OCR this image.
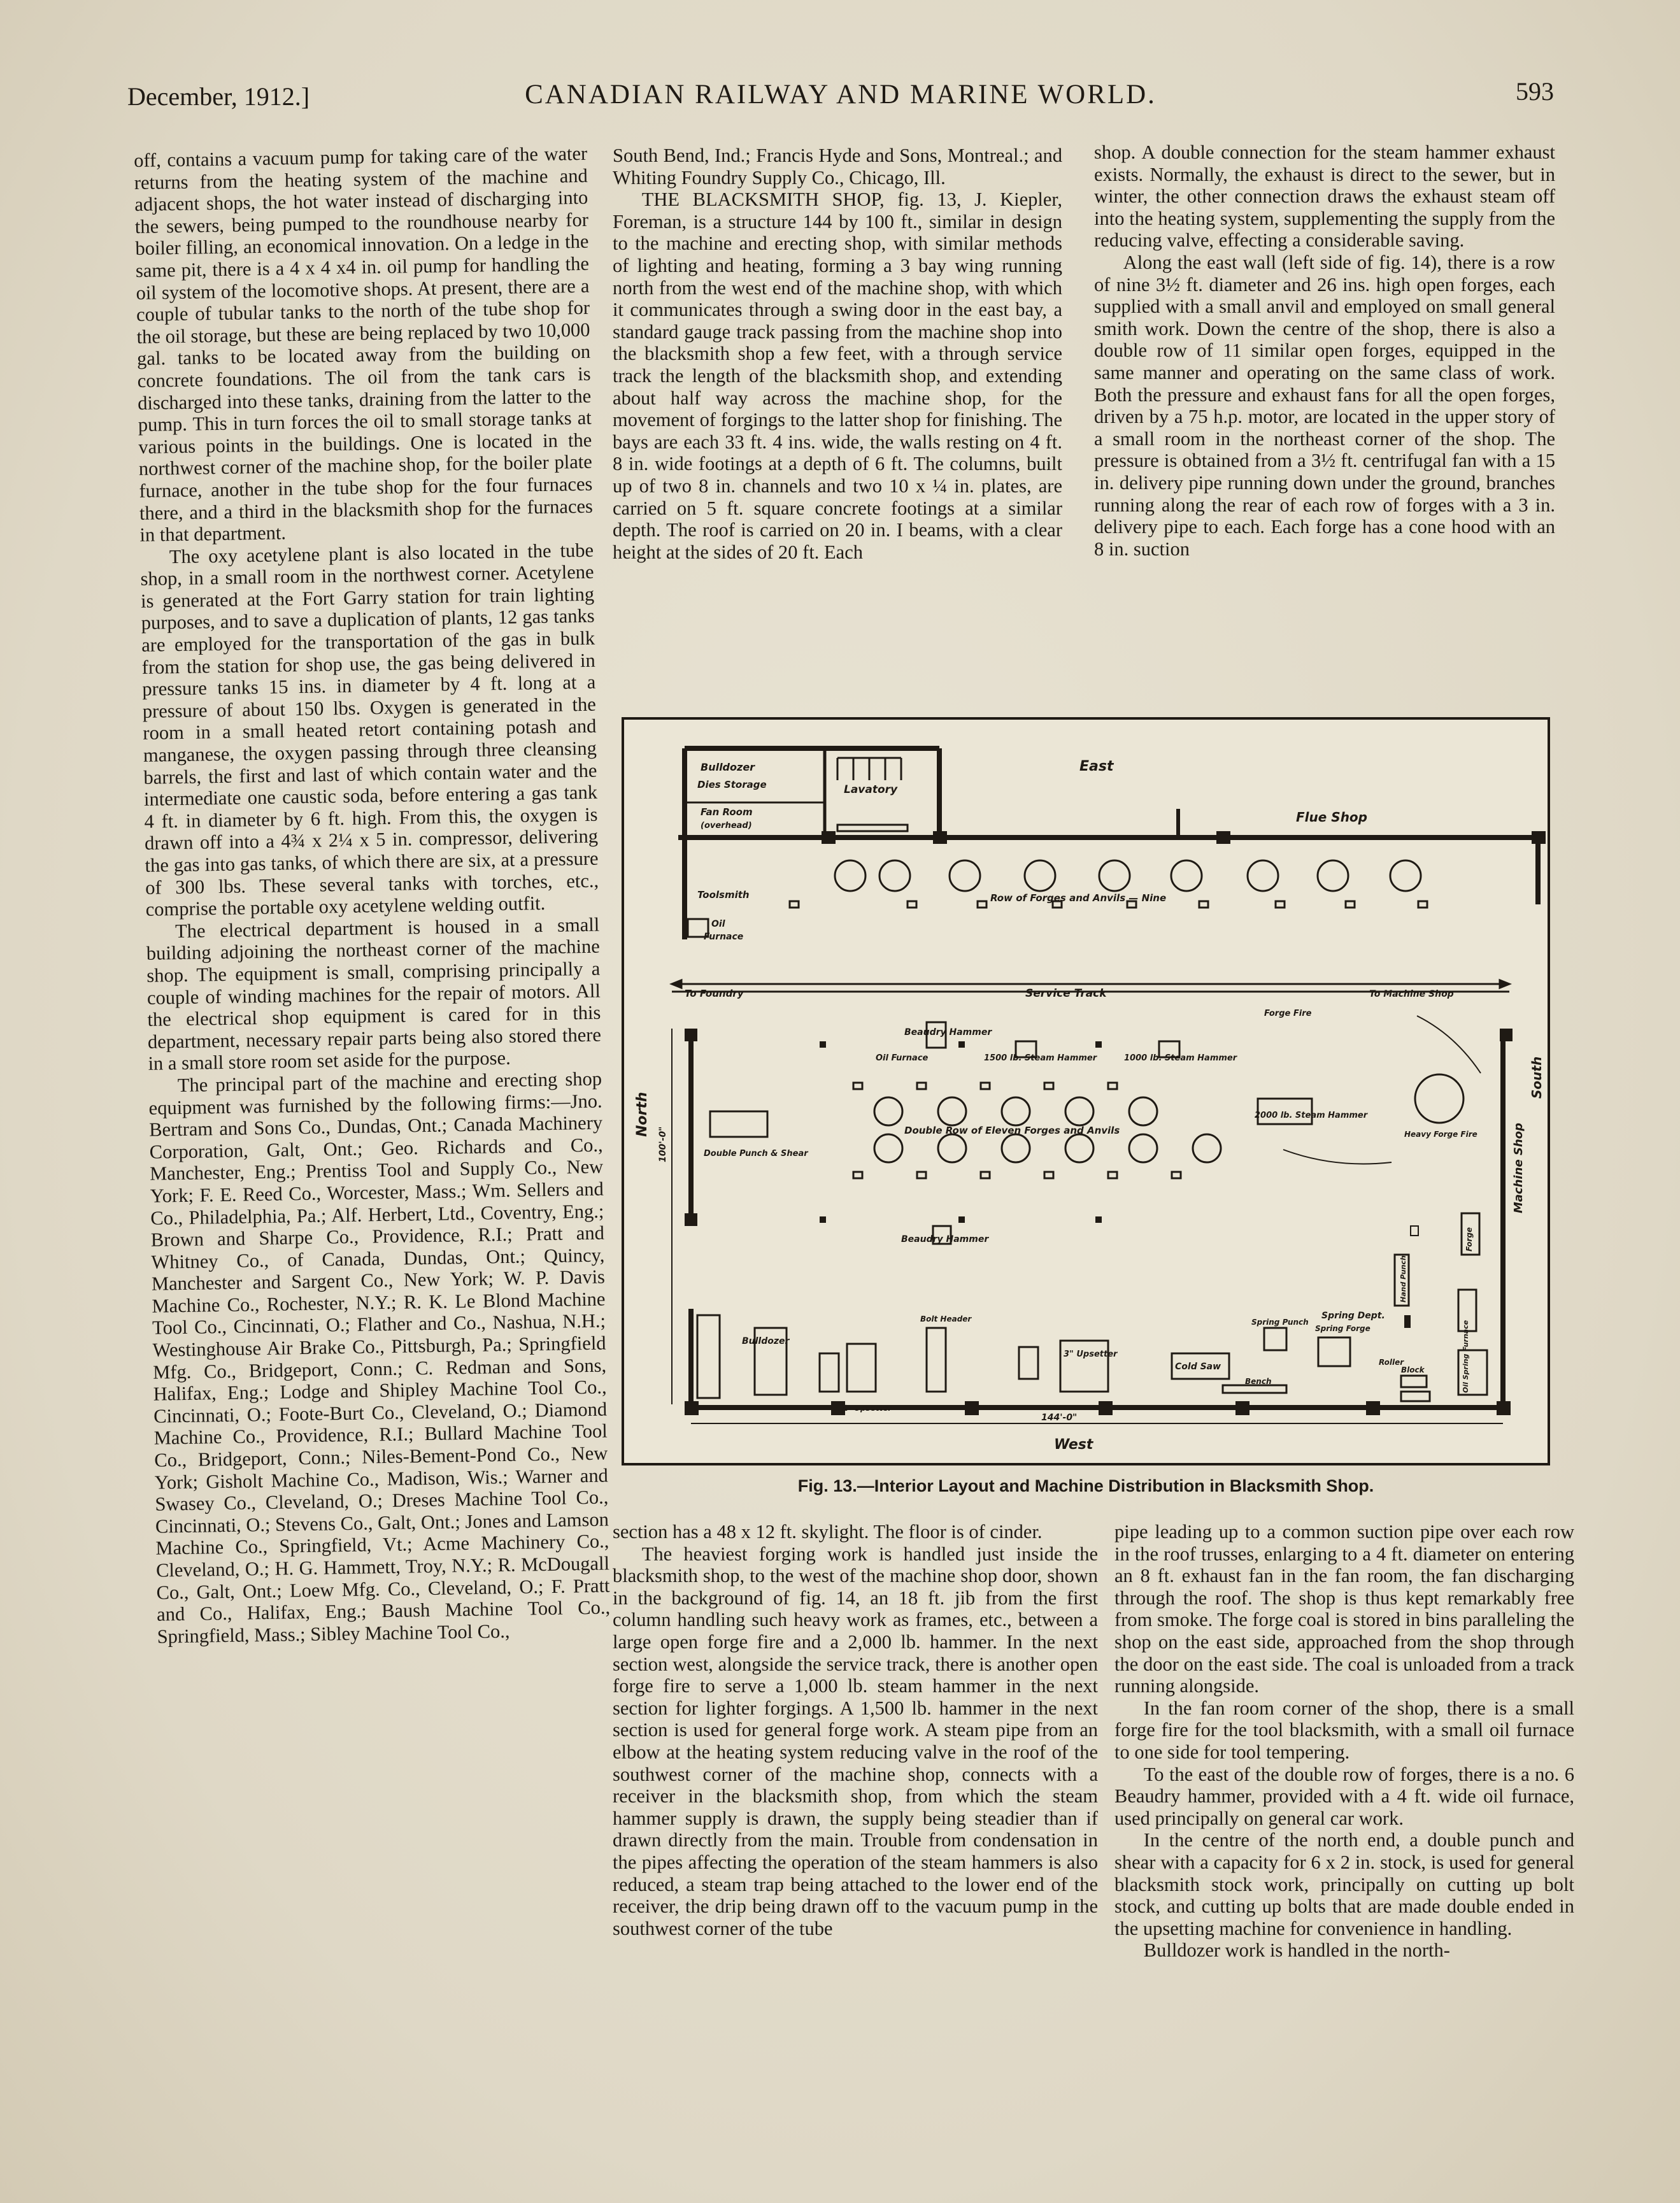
December, 1912.]	CANADIAN RAILWAY AND MARINE WORLD.	593

off, contains a vacuum pump for taking care of the water returns from the heating system of the machine and adjacent shops, the hot water instead of discharging into the sewers, being pumped to the roundhouse nearby for boiler filling, an economical innovation. On a ledge in the same pit, there is a 4 x 4 x4 in. oil pump for handling the oil system of the locomotive shops. At present, there are a couple of tubular tanks to the north of the tube shop for the oil storage, but these are being replaced by two 10,000 gal. tanks to be located away from the building on concrete foundations. The oil from the tank cars is discharged into these tanks, draining from the latter to the pump. This in turn forces the oil to small storage tanks at various points in the buildings. One is located in the northwest corner of the machine shop, for the boiler plate furnace, another in the tube shop for the four furnaces there, and a third in the blacksmith shop for the furnaces in that department.

The oxy acetylene plant is also located in the tube shop, in a small room in the northwest corner. Acetylene is generated at the Fort Garry station for train lighting purposes, and to save a duplication of plants, 12 gas tanks are employed for the transportation of the gas in bulk from the station for shop use, the gas being delivered in pressure tanks 15 ins. in diameter by 4 ft. long at a pressure of about 150 lbs. Oxygen is generated in the room in a small heated retort containing potash and manganese, the oxygen passing through three cleansing barrels, the first and last of which contain water and the intermediate one caustic soda, before entering a gas tank 4 ft. in diameter by 6 ft. high. From this, the oxygen is drawn off into a 4¾ x 2¼ x 5 in. compressor, delivering the gas into gas tanks, of which there are six, at a pressure of 300 lbs. These several tanks with torches, etc., comprise the portable oxy acetylene welding outfit.

The electrical department is housed in a small building adjoining the northeast corner of the machine shop. The equipment is small, comprising principally a couple of winding machines for the repair of motors. All the electrical shop equipment is cared for in this department, necessary repair parts being also stored there in a small store room set aside for the purpose.

The principal part of the machine and erecting shop equipment was furnished by the following firms:—Jno. Bertram and Sons Co., Dundas, Ont.; Canada Machinery Corporation, Galt, Ont.; Geo. Richards and Co., Manchester, Eng.; Prentiss Tool and Supply Co., New York; F. E. Reed Co., Worcester, Mass.; Wm. Sellers and Co., Philadelphia, Pa.; Alf. Herbert, Ltd., Coventry, Eng.; Brown and Sharpe Co., Providence, R.I.; Pratt and Whitney Co., of Canada, Dundas, Ont.; Quincy, Manchester and Sargent Co., New York; W. P. Davis Machine Co., Rochester, N.Y.; R. K. Le Blond Machine Tool Co., Cincinnati, O.; Flather and Co., Nashua, N.H.; Westinghouse Air Brake Co., Pittsburgh, Pa.; Springfield Mfg. Co., Bridgeport, Conn.; C. Redman and Sons, Halifax, Eng.; Lodge and Shipley Machine Tool Co., Cincinnati, O.; Foote-Burt Co., Cleveland, O.; Diamond Machine Co., Providence, R.I.; Bullard Machine Tool Co., Bridgeport, Conn.; Niles-Bement-Pond Co., New York; Gisholt Machine Co., Madison, Wis.; Warner and Swasey Co., Cleveland, O.; Dreses Machine Tool Co., Cincinnati, O.; Stevens Co., Galt, Ont.; Jones and Lamson Machine Co., Springfield, Vt.; Acme Machinery Co., Cleveland, O.; H. G. Hammett, Troy, N.Y.; R. McDougall Co., Galt, Ont.; Loew Mfg. Co., Cleveland, O.; F. Pratt and Co., Halifax, Eng.; Baush Machine Tool Co., Springfield, Mass.; Sibley Machine Tool Co.,

South Bend, Ind.; Francis Hyde and Sons, Montreal.; and Whiting Foundry Supply Co., Chicago, Ill.

THE BLACKSMITH SHOP, fig. 13, J. Kiepler, Foreman, is a structure 144 by 100 ft., similar in design to the machine and erecting shop, with similar methods of lighting and heating, forming a 3 bay wing running north from the west end of the machine shop, with which it communicates through a swing door in the east bay, a standard gauge track passing from the machine shop into the blacksmith shop a few feet, with a through service track the length of the blacksmith shop, and extending about half way across the machine shop, for the movement of forgings to the latter shop for finishing. The bays are each 33 ft. 4 ins. wide, the walls resting on 4 ft. 8 in. wide footings at a depth of 6 ft. The columns, built up of two 8 in. channels and two 10 x ¼ in. plates, are carried on 5 ft. square concrete footings at a similar depth. The roof is carried on 20 in. I beams, with a clear height at the sides of 20 ft. Each

shop. A double connection for the steam hammer exhaust exists. Normally, the exhaust is direct to the sewer, but in winter, the other connection draws the exhaust steam off into the heating system, supplementing the supply from the reducing valve, effecting a considerable saving.

Along the east wall (left side of fig. 14), there is a row of nine 3½ ft. diameter and 26 ins. high open forges, each supplied with a small anvil and employed on small general smith work. Down the centre of the shop, there is also a double row of 11 similar open forges, equipped in the same manner and operating on the same class of work. Both the pressure and exhaust fans for all the open forges, driven by a 75 h.p. motor, are located in the upper story of a small room in the northeast corner of the shop. The pressure is obtained from a 3½ ft. centrifugal fan with a 15 in. delivery pipe running down under the ground, branches running along the rear of each row of forges with a 3 in. delivery pipe to each. Each forge has a cone hood with an 8 in. suction

East
West
North
South
Flue Shop
Machine Shop
Lavatory
Bulldozer
Dies Storage
Fan Room
(overhead)
Toolsmith
Oil
Furnace
Row of Forges and Anvils — Nine
To Foundry	Service Track	To Machine Shop
Beaudry Hammer
Oil Furnace	1500 lb. Steam Hammer	1000 lb. Steam Hammer
Forge Fire
Heavy Forge Fire
2000 lb. Steam Hammer
Double Row of Eleven Forges and Anvils
Double Punch & Shear
100'-0"
144'-0"
Beaudry Hammer
Bulldozer
1½" Upsetter
3" Upsetter
Bolt Header
Cold Saw
Spring Punch
Spring Forge
Spring Dept.
Roller
Block
Bench	Oil Spring Furnace
Hand Punch
Forge
Fig. 13.—Interior Layout and Machine Distribution in Blacksmith Shop.

section has a 48 x 12 ft. skylight. The floor is of cinder.

The heaviest forging work is handled just inside the blacksmith shop, to the west of the machine shop door, shown in the background of fig. 14, an 18 ft. jib from the first column handling such heavy work as frames, etc., between a large open forge fire and a 2,000 lb. hammer. In the next section west, alongside the service track, there is another open forge fire to serve a 1,000 lb. steam hammer in the next section for lighter forgings. A 1,500 lb. hammer in the next section is used for general forge work. A steam pipe from an elbow at the heating system reducing valve in the roof of the southwest corner of the machine shop, connects with a receiver in the blacksmith shop, from which the steam hammer supply is drawn, the supply being steadier than if drawn directly from the main. Trouble from condensation in the pipes affecting the operation of the steam hammers is also reduced, a steam trap being attached to the lower end of the receiver, the drip being drawn off to the vacuum pump in the southwest corner of the tube

pipe leading up to a common suction pipe over each row in the roof trusses, enlarging to a 4 ft. diameter on entering an 8 ft. exhaust fan in the fan room, the fan discharging through the roof. The shop is thus kept remarkably free from smoke. The forge coal is stored in bins paralleling the shop on the east side, approached from the shop through the door on the east side. The coal is unloaded from a track running alongside.

In the fan room corner of the shop, there is a small forge fire for the tool blacksmith, with a small oil furnace to one side for tool tempering.

To the east of the double row of forges, there is a no. 6 Beaudry hammer, provided with a 4 ft. wide oil furnace, used principally on general car work.

In the centre of the north end, a double punch and shear with a capacity for 6 x 2 in. stock, is used for general blacksmith stock work, principally on cutting up bolt stock, and cutting up bolts that are made double ended in the upsetting machine for convenience in handling.

Bulldozer work is handled in the north-
